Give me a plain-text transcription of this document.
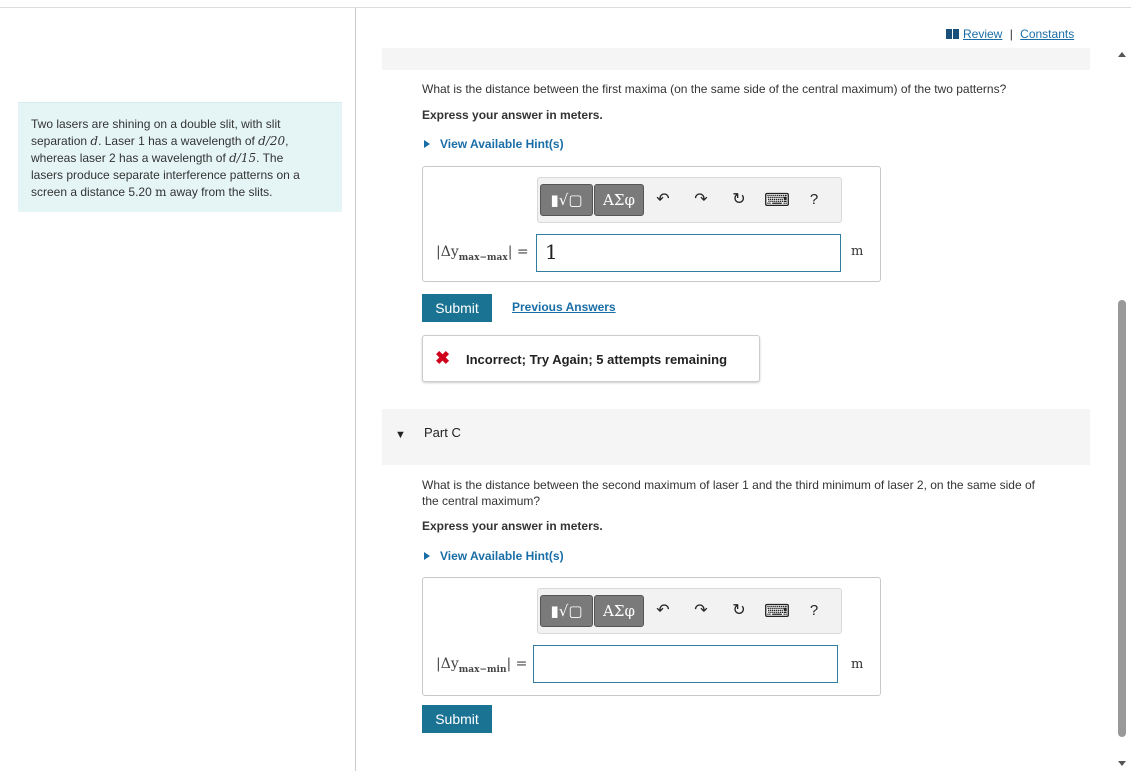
Two lasers are shining on a double slit, with slit
separation d. Laser 1 has a wavelength of d/20,
whereas laser 2 has a wavelength of d/15. The
lasers produce separate interference patterns on a
screen a distance 5.20 m away from the slits.
Review | Constants
What is the distance between the first maxima (on the same side of the central maximum) of the two patterns?
Express your answer in meters.
View Available Hint(s)
▮√▢	ΑΣφ	↶ ↷ ↻ ⌨	?
$|\Delta y_{max-max}| = 1$	m
Submit	Previous Answers
✖ Incorrect; Try Again; 5 attempts remaining
▼ Part C
What is the distance between the second maximum of laser 1 and the third minimum of laser 2, on the same side of
the central maximum?
Express your answer in meters.
View Available Hint(s)
▮√▢	ΑΣφ	↶ ↷ ↻ ⌨	?
$|\Delta y_{max-min}|$ =	m
Submit
